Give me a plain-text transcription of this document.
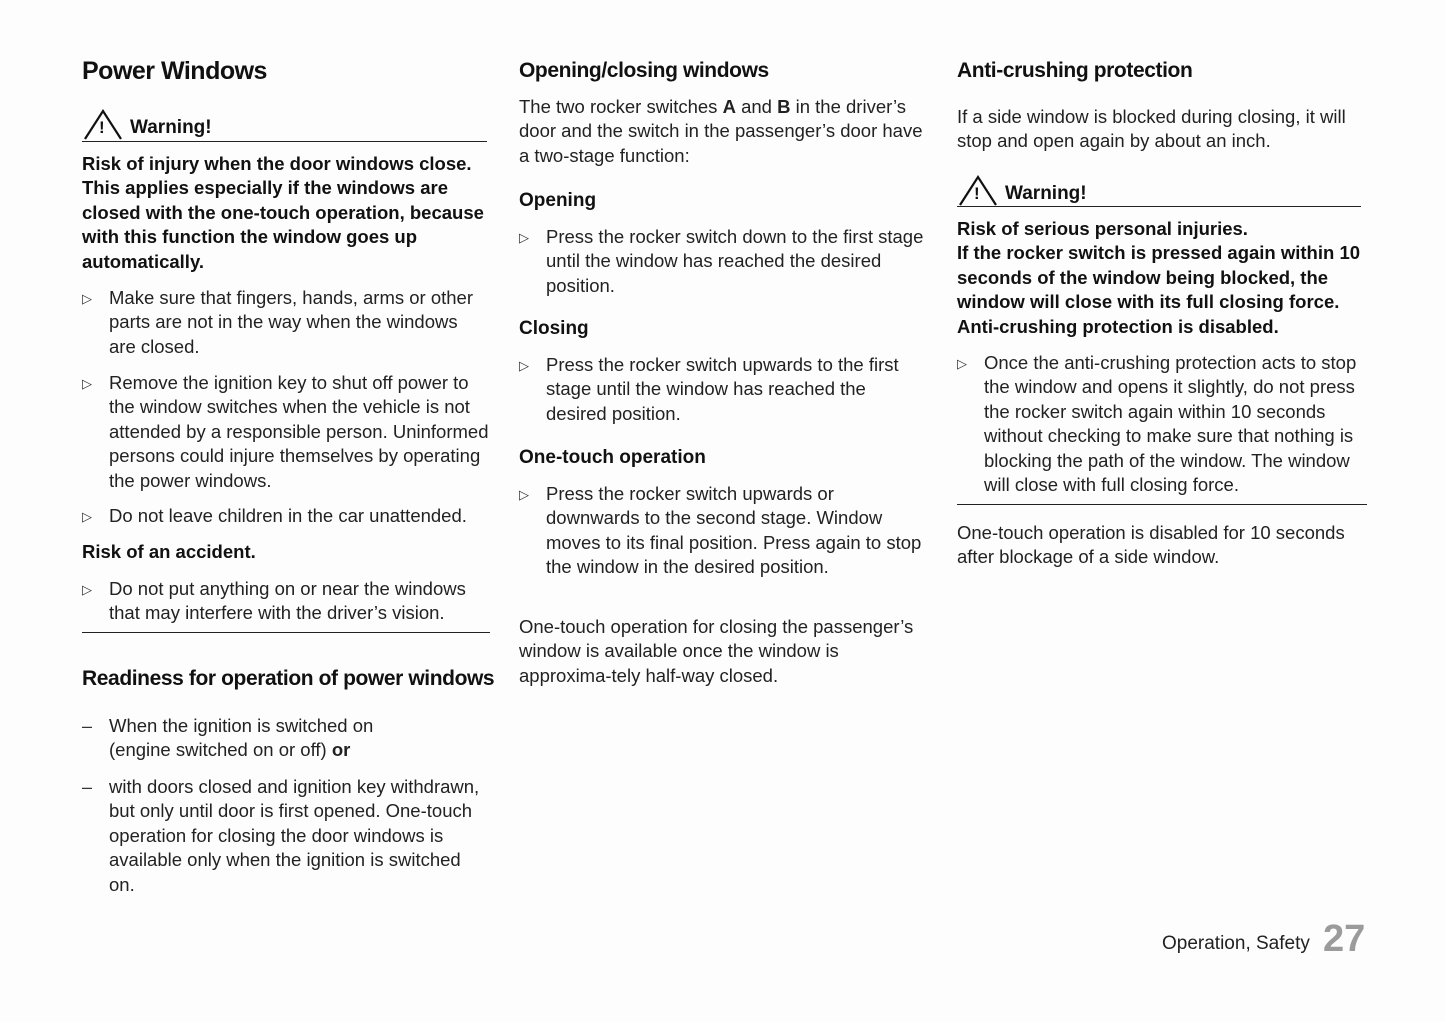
Power Windows
! Warning!
Risk of injury when the door windows close. This applies especially if the windows are closed with the one-touch operation, because with this function the window goes up automatically.
▷ Make sure that fingers, hands, arms or other parts are not in the way when the windows are closed.
▷ Remove the ignition key to shut off power to the window switches when the vehicle is not attended by a responsible person. Uninformed persons could injure themselves by operating the power windows.
▷ Do not leave children in the car unattended.
Risk of an accident.
▷ Do not put anything on or near the windows that may interfere with the driver’s vision.
Readiness for operation of power windows
– When the ignition is switched on
(engine switched on or off) or
– with doors closed and ignition key withdrawn, but only until door is first opened. One-touch operation for closing the door windows is available only when the ignition is switched on.
Opening/closing windows
The two rocker switches A and B in the driver’s door and the switch in the passenger’s door have a two-stage function:
Opening
▷ Press the rocker switch down to the first stage until the window has reached the desired position.
Closing
▷ Press the rocker switch upwards to the first stage until the window has reached the desired position.
One-touch operation
▷ Press the rocker switch upwards or downwards to the second stage. Window moves to its final position. Press again to stop the window in the desired position.
One-touch operation for closing the passenger’s window is available once the window is approxima-tely half-way closed.
Anti-crushing protection
If a side window is blocked during closing, it will stop and open again by about an inch.
! Warning!
Risk of serious personal injuries.
If the rocker switch is pressed again within 10 seconds of the window being blocked, the window will close with its full closing force. Anti-crushing protection is disabled.
▷ Once the anti-crushing protection acts to stop the window and opens it slightly, do not press the rocker switch again within 10 seconds without checking to make sure that nothing is blocking the path of the window. The window will close with full closing force.
One-touch operation is disabled for 10 seconds after blockage of a side window.
Operation, Safety 27
